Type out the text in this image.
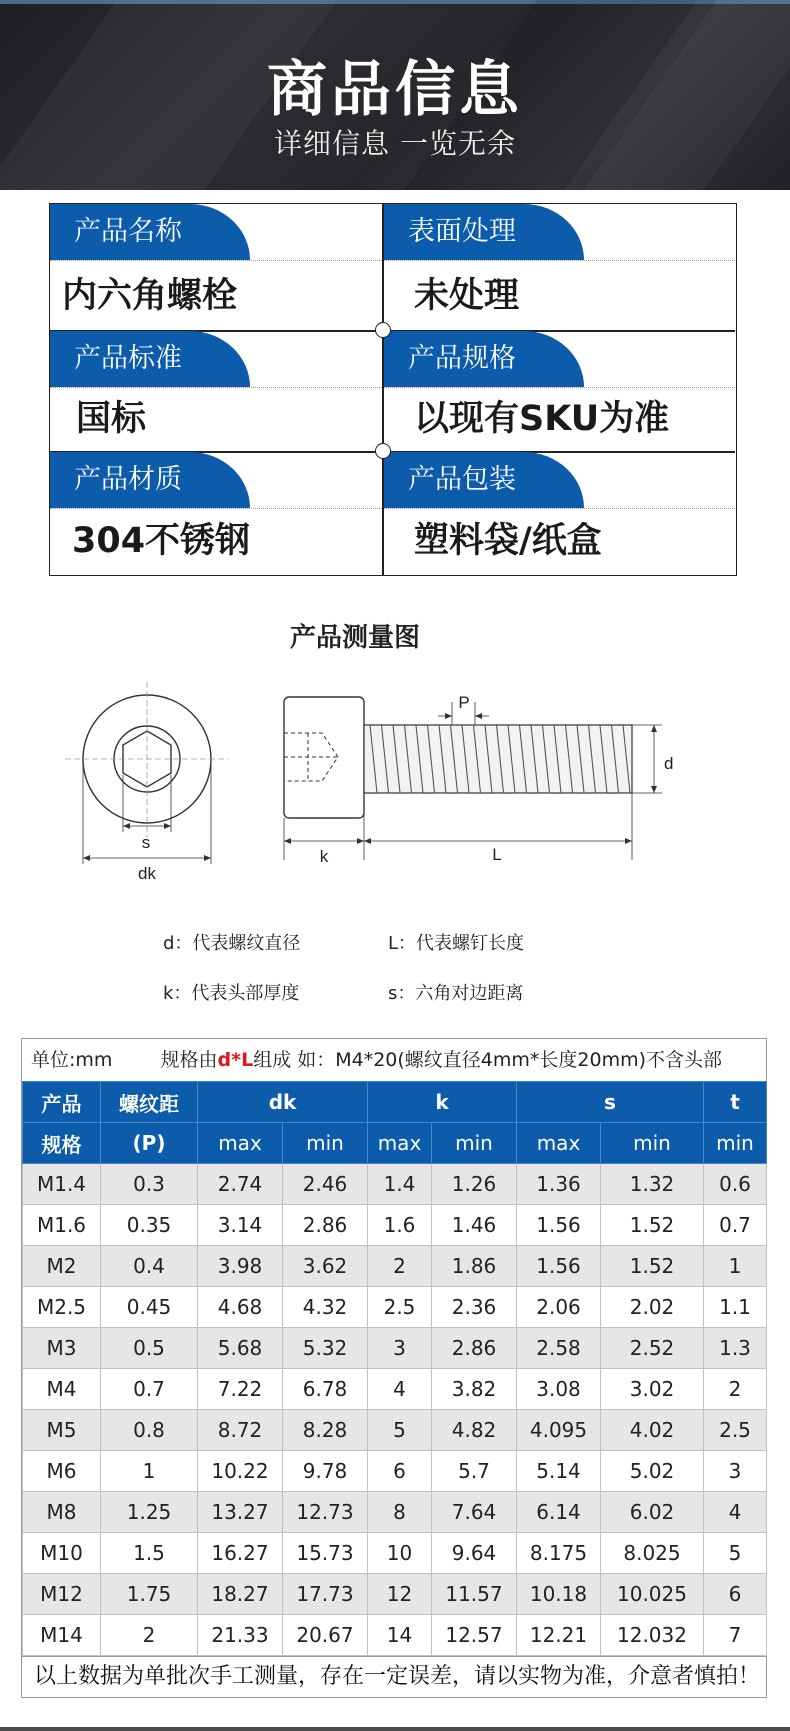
商品信息
详细信息 一览无余
产品名称
内六角螺栓
表面处理
未处理
产品标准
国标
产品规格
以现有SKU为准
产品材质
304不锈钢
产品包装
塑料袋/纸盒
产品测量图
s
dk
P
d
k	L
d：代表螺纹直径	L：代表螺钉长度
k：代表头部厚度	s：六角对边距离
单位:mm	规格由d*L组成 如：M4*20(螺纹直径4mm*长度20mm)不含头部
产品	螺纹距	dk		k		s		t
规格	(P)	max	min	max	min	max	min	min
M1.4	0.3	2.74	2.46	1.4	1.26	1.36	1.32	0.6
M1.6	0.35	3.14	2.86	1.6	1.46	1.56	1.52	0.7
M2	0.4	3.98	3.62	2	1.86	1.56	1.52	1
M2.5	0.45	4.68	4.32	2.5	2.36	2.06	2.02	1.1
M3	0.5	5.68	5.32	3	2.86	2.58	2.52	1.3
M4	0.7	7.22	6.78	4	3.82	3.08	3.02	2
M5	0.8	8.72	8.28	5	4.82	4.095	4.02	2.5
M6	1	10.22	9.78	6	5.7	5.14	5.02	3
M8	1.25	13.27	12.73	8	7.64	6.14	6.02	4
M10	1.5	16.27	15.73	10	9.64	8.175	8.025	5
M12	1.75	18.27	17.73	12	11.57	10.18	10.025	6
M14	2	21.33	20.67	14	12.57	12.21	12.032	7
以上数据为单批次手工测量，存在一定误差，请以实物为准，介意者慎拍！
